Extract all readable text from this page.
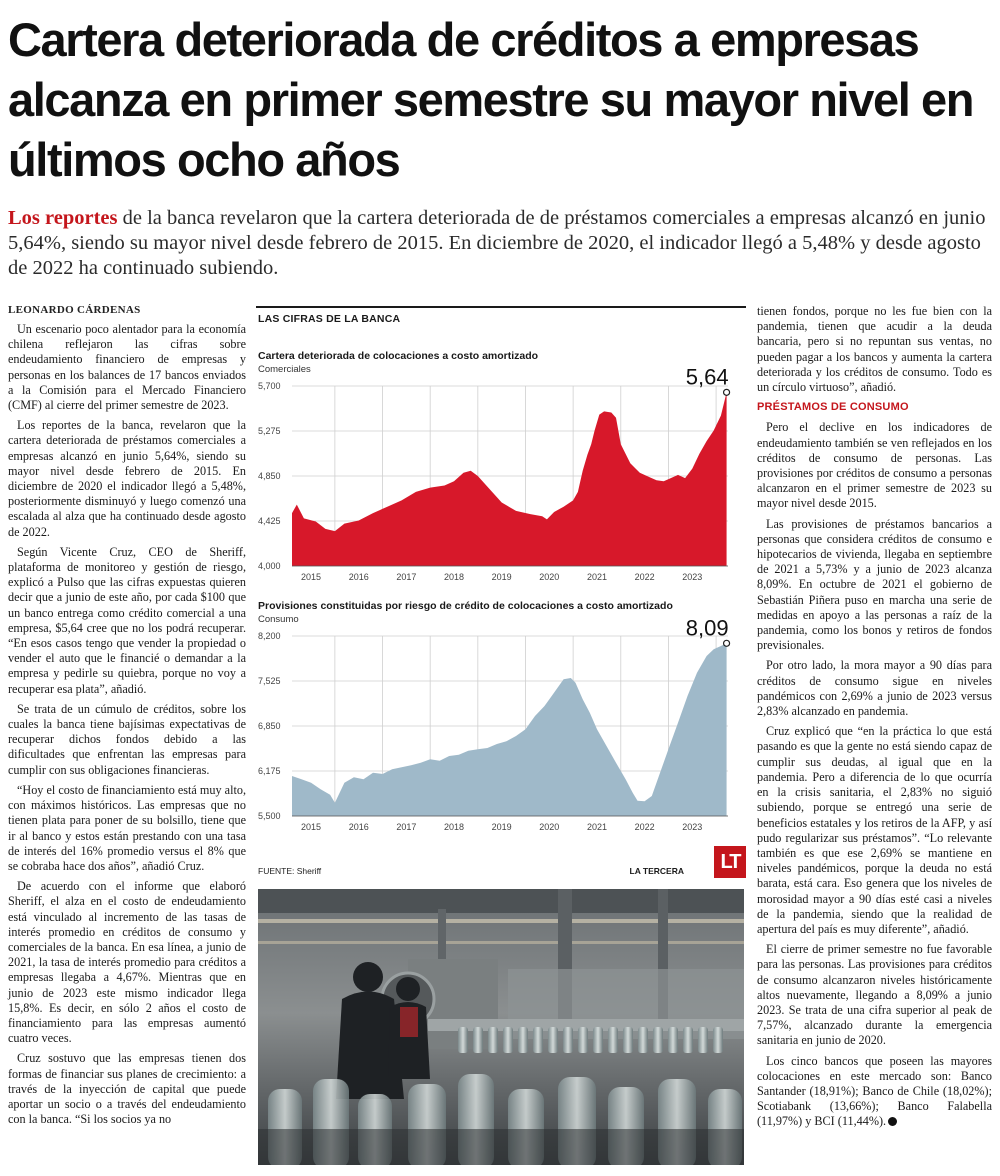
Cartera deteriorada de créditos a empresas alcanza en primer semestre su mayor nivel en últimos ocho años

Los reportes de la banca revelaron que la cartera deteriorada de de préstamos comerciales a empresas alcanzó en junio 5,64%, siendo su mayor nivel desde febrero de 2015. En diciembre de 2020, el indicador llegó a 5,48% y desde agosto de 2022 ha continuado subiendo.

LEONARDO CÁRDENAS

Un escenario poco alentador para la economía chilena reflejaron las cifras sobre endeudamiento financiero de empresas y personas en los balances de 17 bancos enviados a la Comisión para el Mercado Financiero (CMF) al cierre del primer semestre de 2023.

Los reportes de la banca, revelaron que la cartera deteriorada de préstamos comerciales a empresas alcanzó en junio 5,64%, siendo su mayor nivel desde febrero de 2015. En diciembre de 2020 el indicador llegó a 5,48%, posteriormente disminuyó y luego comenzó una escalada al alza que ha continuado desde agosto de 2022.

Según Vicente Cruz, CEO de Sheriff, plataforma de monitoreo y gestión de riesgo, explicó a Pulso que las cifras expuestas quieren decir que a junio de este año, por cada $100 que un banco entrega como crédito comercial a una empresa, $5,64 cree que no los podrá recuperar. “En esos casos tengo que vender la propiedad o vender el auto que le financié o demandar a la empresa y pedirle su quiebra, porque no voy a recuperar esa plata”, añadió.

Se trata de un cúmulo de créditos, sobre los cuales la banca tiene bajísimas expectativas de recuperar dichos fondos debido a las dificultades que enfrentan las empresas para cumplir con sus obligaciones financieras.

“Hoy el costo de financiamiento está muy alto, con máximos históricos. Las empresas que no tienen plata para poner de su bolsillo, tiene que ir al banco y estos están prestando con una tasa de interés del 16% promedio versus el 8% que se cobraba hace dos años”, añadió Cruz.

De acuerdo con el informe que elaboró Sheriff, el alza en el costo de endeudamiento está vinculado al incremento de las tasas de interés promedio en créditos de consumo y comerciales de la banca. En esa línea, a junio de 2021, la tasa de interés promedio para créditos a empresas llegaba a 4,67%. Mientras que en junio de 2023 este mismo indicador llega 15,8%. Es decir, en sólo 2 años el costo de financiamiento para las empresas aumentó cuatro veces.

Cruz sostuvo que las empresas tienen dos formas de financiar sus planes de crecimiento: a través de la inyección de capital que puede aportar un socio o a través del endeudamiento con la banca. “Si los socios ya no

tienen fondos, porque no les fue bien con la pandemia, tienen que acudir a la deuda bancaria, pero si no repuntan sus ventas, no pueden pagar a los bancos y aumenta la cartera deteriorada y los créditos de consumo. Todo es un círculo virtuoso”, añadió.

PRÉSTAMOS DE CONSUMO

Pero el declive en los indicadores de endeudamiento también se ven reflejados en los créditos de consumo de personas. Las provisiones por créditos de consumo a personas alcanzaron en el primer semestre de 2023 su mayor nivel desde 2015.

Las provisiones de préstamos bancarios a personas que considera créditos de consumo e hipotecarios de vivienda, llegaba en septiembre de 2021 a 5,73% y a junio de 2023 alcanza 8,09%. En octubre de 2021 el gobierno de Sebastián Piñera puso en marcha una serie de medidas en apoyo a las personas a raíz de la pandemia, como los bonos y retiros de fondos previsionales.

Por otro lado, la mora mayor a 90 días para créditos de consumo sigue en niveles pandémicos con 2,69% a junio de 2023 versus 2,83% alcanzado en pandemia.

Cruz explicó que “en la práctica lo que está pasando es que la gente no está siendo capaz de cumplir sus deudas, al igual que en la pandemia. Pero a diferencia de lo que ocurría en la crisis sanitaria, el 2,83% no siguió subiendo, porque se entregó una serie de beneficios estatales y los retiros de la AFP, y así pudo regularizar sus préstamos”. “Lo relevante también es que ese 2,69% se mantiene en niveles pandémicos, porque la deuda no está barata, está cara. Eso genera que los niveles de morosidad mayor a 90 días esté casi a niveles de la pandemia, siendo que la realidad de apertura del país es muy diferente”, añadió.

El cierre de primer semestre no fue favorable para las personas. Las provisiones para créditos de consumo alcanzaron niveles históricamente altos nuevamente, llegando a 8,09% a junio 2023. Se trata de una cifra superior al peak de 7,57%, alcanzado durante la emergencia sanitaria en junio de 2020.

Los cinco bancos que poseen las mayores colocaciones en este mercado son: Banco Santander (18,91%); Banco de Chile (18,02%); Scotiabank (13,66%); Banco Falabella (11,97%) y BCI (11,44%).

LAS CIFRAS DE LA BANCA
Cartera deteriorada de colocaciones a costo amortizado
Comerciales
4,000
4,425
4,850
5,275
5,700
2015	2016	2017	2018	2019	2020	2021	2022	2023
5,64
Provisiones constituidas por riesgo de crédito de colocaciones a costo amortizado
Consumo
5,500
6,175
6,850
7,525
8,200
2015	2016	2017	2018	2019	2020	2021	2022	2023
8,09
FUENTE: Sheriff	LA TERCERA	LT
